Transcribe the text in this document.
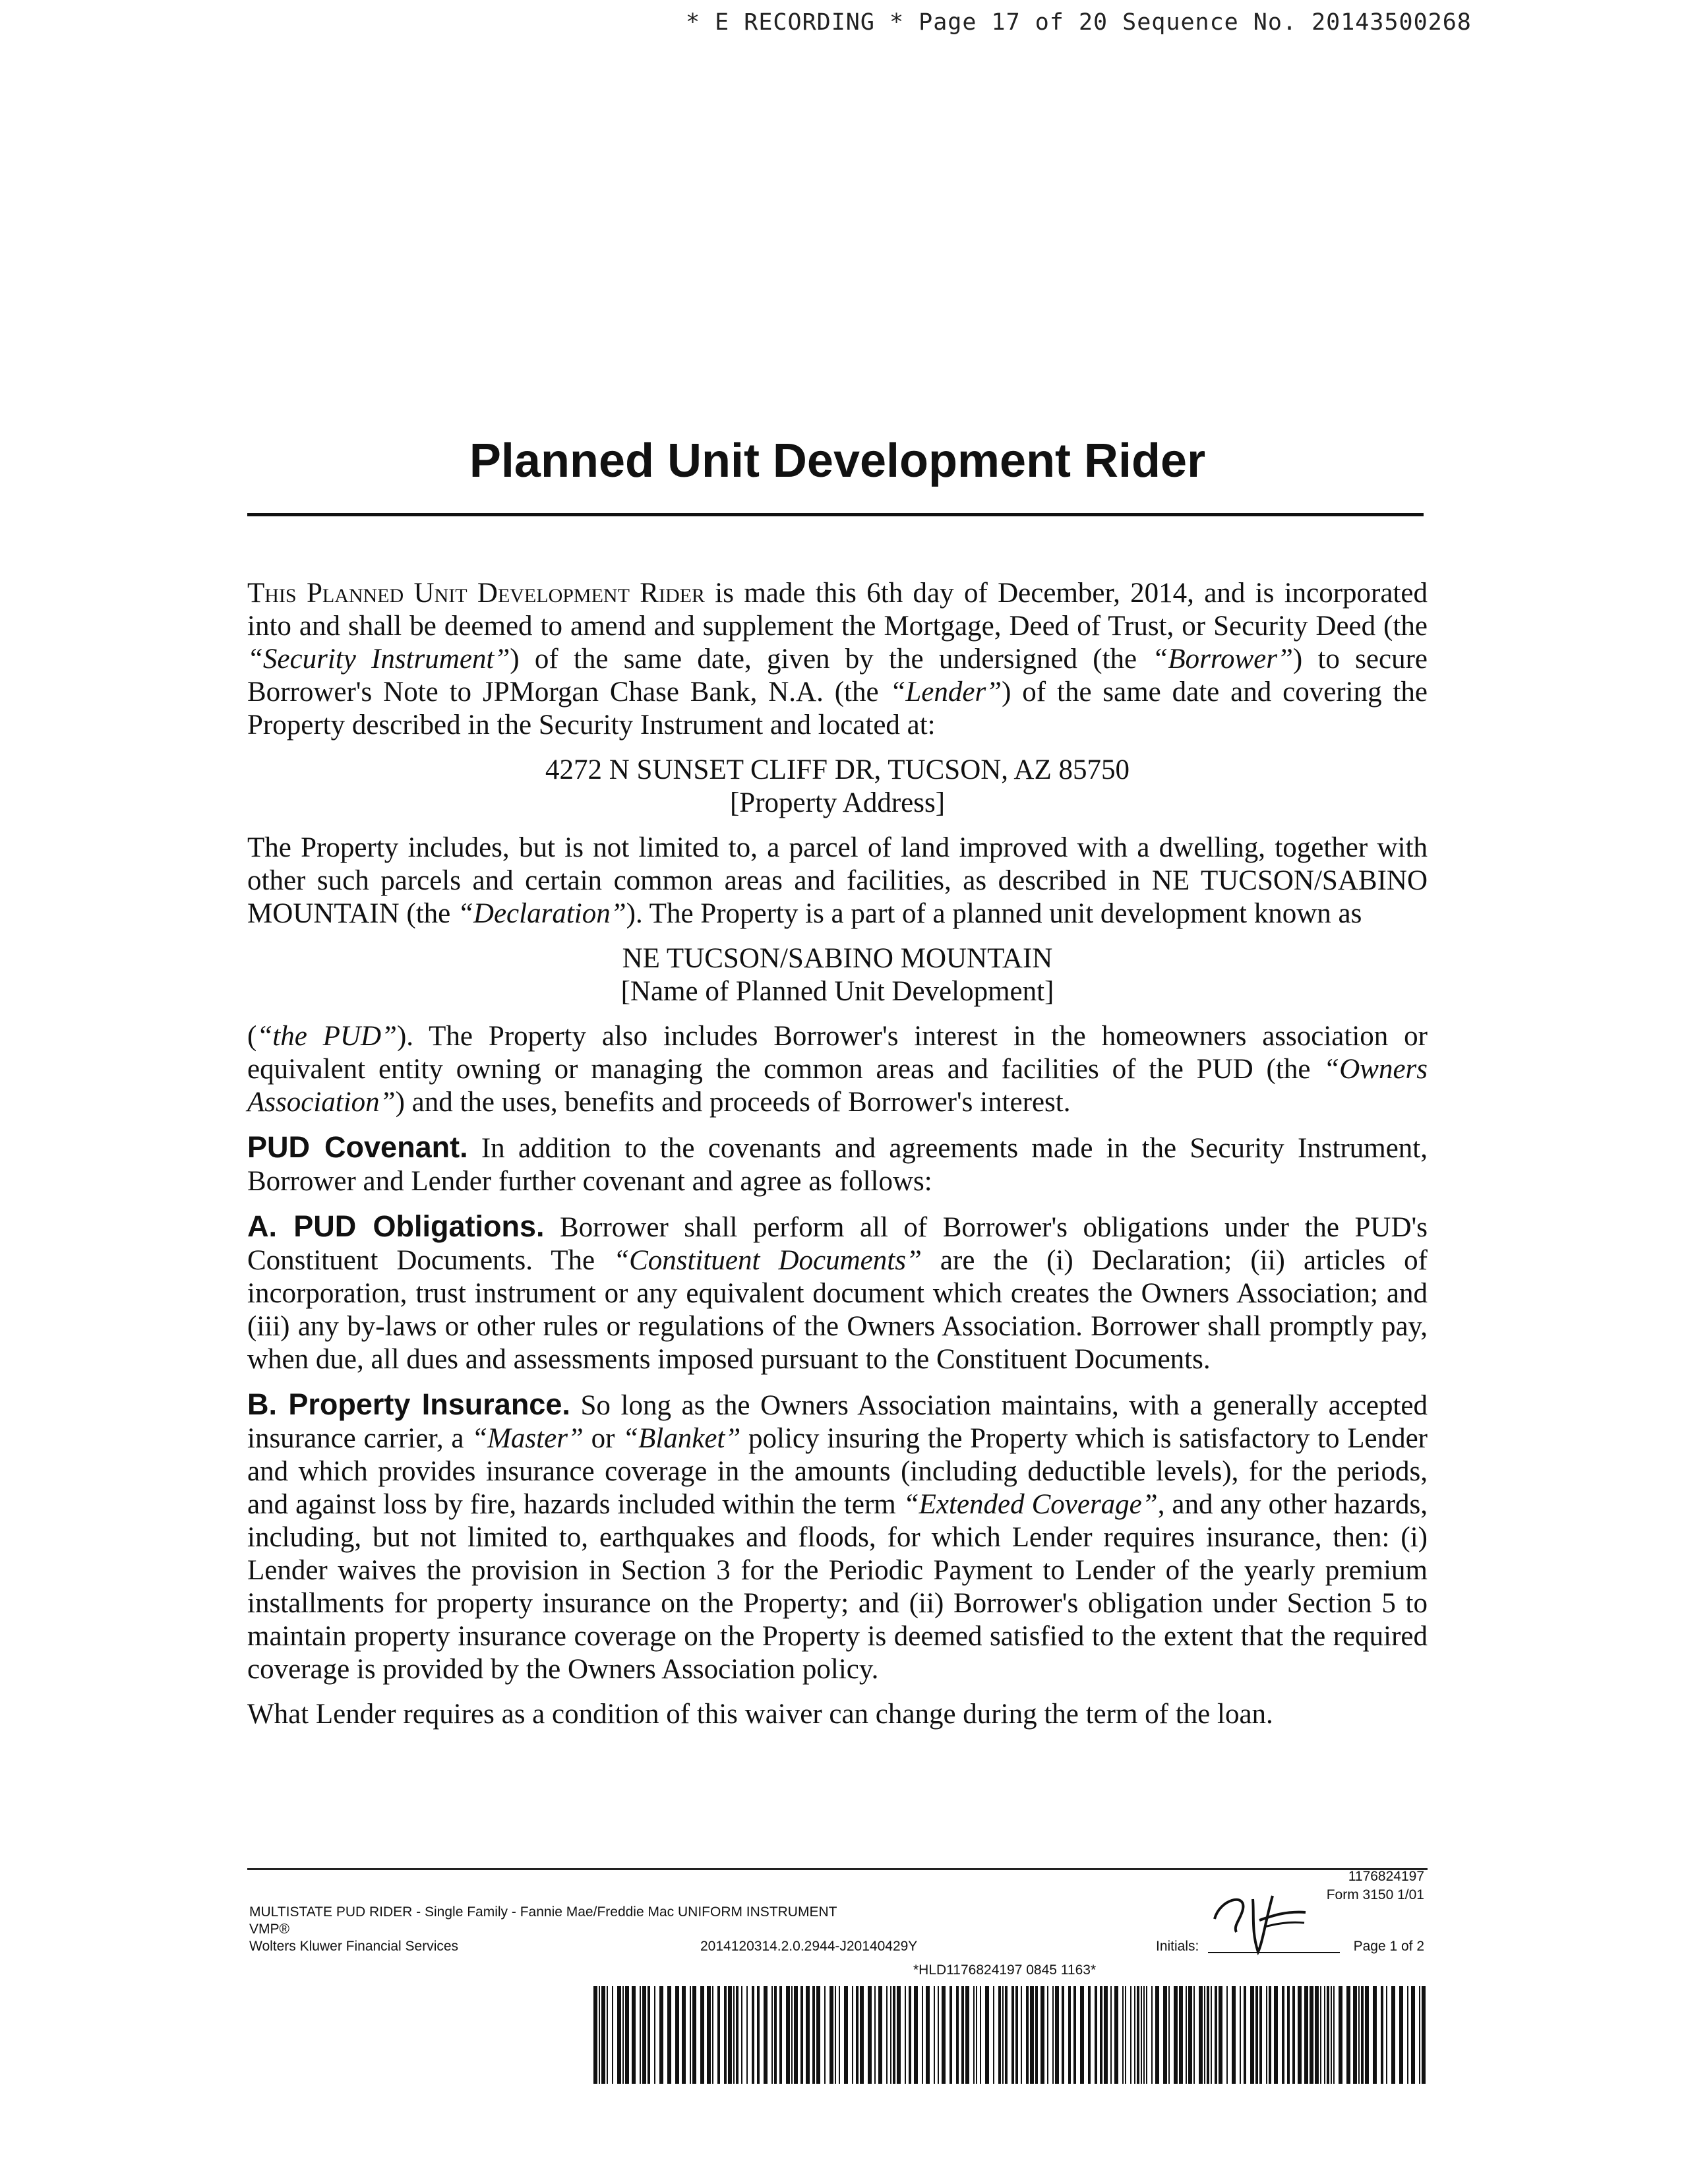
* E RECORDING * Page 17 of 20 Sequence No. 20143500268
Planned Unit Development Rider

This Planned Unit Development Rider is made this 6th day of December, 2014, and is incorporated into and shall be deemed to amend and supplement the Mortgage, Deed of Trust, or Security Deed (the “Security Instrument”) of the same date, given by the undersigned (the “Borrower”) to secure Borrower's Note to JPMorgan Chase Bank, N.A. (the “Lender”) of the same date and covering the Property described in the Security Instrument and located at:

4272 N SUNSET CLIFF DR, TUCSON, AZ 85750
[Property Address]

The Property includes, but is not limited to, a parcel of land improved with a dwelling, together with other such parcels and certain common areas and facilities, as described in NE TUCSON/SABINO MOUNTAIN (the “Declaration”). The Property is a part of a planned unit development known as

NE TUCSON/SABINO MOUNTAIN
[Name of Planned Unit Development]

(“the PUD”). The Property also includes Borrower's interest in the homeowners association or equivalent entity owning or managing the common areas and facilities of the PUD (the “Owners Association”) and the uses, benefits and proceeds of Borrower's interest.

PUD Covenant. In addition to the covenants and agreements made in the Security Instrument, Borrower and Lender further covenant and agree as follows:

A. PUD Obligations. Borrower shall perform all of Borrower's obligations under the PUD's Constituent Documents. The “Constituent Documents” are the (i) Declaration; (ii) articles of incorporation, trust instrument or any equivalent document which creates the Owners Association; and (iii) any by-laws or other rules or regulations of the Owners Association. Borrower shall promptly pay, when due, all dues and assessments imposed pursuant to the Constituent Documents.

B. Property Insurance. So long as the Owners Association maintains, with a generally accepted insurance carrier, a “Master” or “Blanket” policy insuring the Property which is satisfactory to Lender and which provides insurance coverage in the amounts (including deductible levels), for the periods, and against loss by fire, hazards included within the term “Extended Coverage”, and any other hazards, including, but not limited to, earthquakes and floods, for which Lender requires insurance, then: (i) Lender waives the provision in Section 3 for the Periodic Payment to Lender of the yearly premium installments for property insurance on the Property; and (ii) Borrower's obligation under Section 5 to maintain property insurance coverage on the Property is deemed satisfied to the extent that the required coverage is provided by the Owners Association policy.

What Lender requires as a condition of this waiver can change during the term of the loan.

MULTISTATE PUD RIDER - Single Family - Fannie Mae/Freddie Mac UNIFORM INSTRUMENT
VMP®
Wolters Kluwer Financial Services	2014120314.2.0.2944-J20140429Y	Initials:
1176824197
Form 3150 1/01
Page 1 of 2
*HLD1176824197 0845 1163*
